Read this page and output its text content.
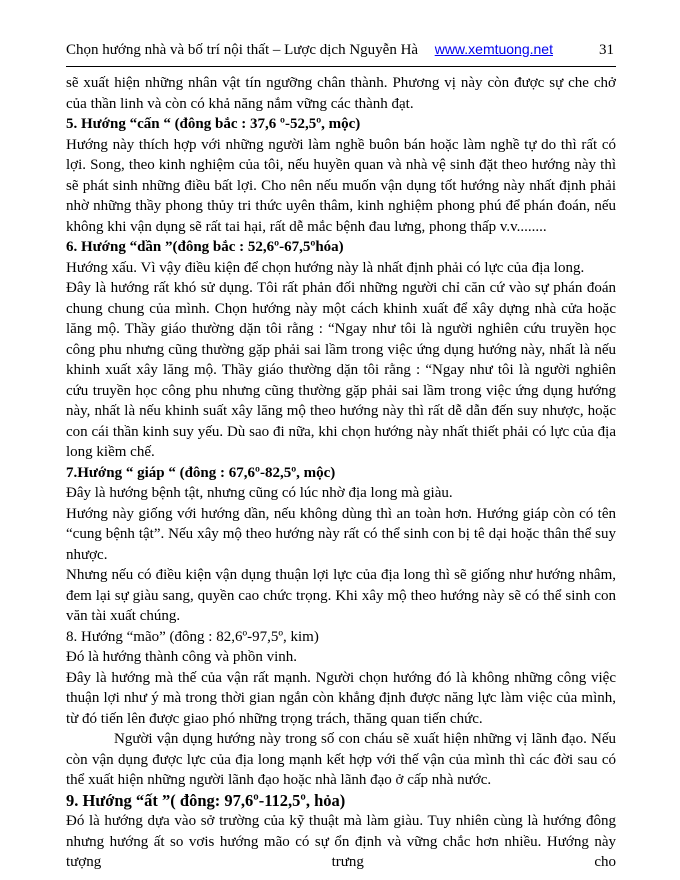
Chọn hướng nhà và bố trí nội thất – Lược dịch Nguyễn Hà	www.xemtuong.net	31

sẽ xuất hiện những nhân vật tín ngưỡng chân thành. Phương vị này còn được sự che chở của thần linh và còn có khả năng nắm vững các thành đạt.

5. Hướng “cấn “ (đông bắc : 37,6 º-52,5º, mộc)

Hướng này thích hợp với những người làm nghề buôn bán hoặc làm nghề tự do thì rất có lợi. Song, theo kinh nghiệm của tôi, nếu huyền quan và nhà vệ sinh đặt theo hướng này thì sẽ phát sinh những điều bất lợi. Cho nên nếu muốn vận dụng tốt hướng này nhất định phải nhờ những thầy phong thủy tri thức uyên thâm, kinh nghiệm phong phú để phán đoán, nếu không khi vận dụng sẽ rất tai hại, rất dễ mắc bệnh đau lưng, phong thấp v.v........

6. Hướng “dần ”(đông bắc : 52,6º-67,5ºhóa)

Hướng xấu. Vì vậy điều kiện để chọn hướng này là nhất định phải có lực của địa long.

Đây là hướng rất khó sử dụng. Tôi rất phản đối những người chỉ căn cứ vào sự phán đoán chung chung của mình. Chọn hướng này một cách khinh xuất để xây dựng nhà cửa hoặc lăng mộ. Thầy giáo thường dặn tôi rằng : “Ngay như tôi là người nghiên cứu truyền học công phu nhưng cũng thường gặp phải sai lầm trong việc ứng dụng hướng này, nhất là nếu khinh xuất xây lăng mộ. Thầy giáo thường dặn tôi rằng : “Ngay như tôi là người nghiên cứu truyền học công phu nhưng cũng thường gặp phải sai lầm trong việc ứng dụng hướng này, nhất là nếu khinh suất xây lăng mộ theo hướng này thì rất dễ dẫn đến suy nhược, hoặc con cái thần kinh suy yếu. Dù sao đi nữa, khi chọn hướng này nhất thiết phải có lực của địa long kiềm chế.

7.Hướng “ giáp “ (đông : 67,6º-82,5º, mộc)

Đây là hướng bệnh tật, nhưng cũng có lúc nhờ địa long mà giàu.

Hướng này giống với hướng dần, nếu không dùng thì an toàn hơn. Hướng giáp còn có tên “cung bệnh tật”. Nếu xây mộ theo hướng này rất có thể sinh con bị tê dại hoặc thân thể suy nhược.

Nhưng nếu có điều kiện vận dụng thuận lợi lực của địa long thì sẽ giống như hướng nhâm, đem lại sự giàu sang, quyền cao chức trọng. Khi xây mộ theo hướng này sẽ có thể sinh con văn tài xuất chúng.

8. Hướng “mão” (đông : 82,6º-97,5º, kim)

Đó là hướng thành công và phồn vinh.

Đây là hướng mà thế của vận rất mạnh. Người chọn hướng đó là không những công việc thuận lợi như ý mà trong thời gian ngắn còn khẳng định được năng lực làm việc của mình, từ đó tiến lên được giao phó những trọng trách, thăng quan tiến chức.

Người vận dụng hướng này trong số con cháu sẽ xuất hiện những vị lãnh đạo. Nếu còn vận dụng được lực của địa long mạnh kết hợp với thế vận của mình thì các đời sau có thể xuất hiện những người lãnh đạo hoặc nhà lãnh đạo ở cấp nhà nước.

9. Hướng “ất ”( đông: 97,6º-112,5º, hỏa)

Đó là hướng dựa vào sở trường của kỹ thuật mà làm giàu. Tuy nhiên cùng là hướng đông nhưng hướng ất so vơis hướng mão có sự ổn định và vững chắc hơn nhiều. Hướng này tượng trưng cho
